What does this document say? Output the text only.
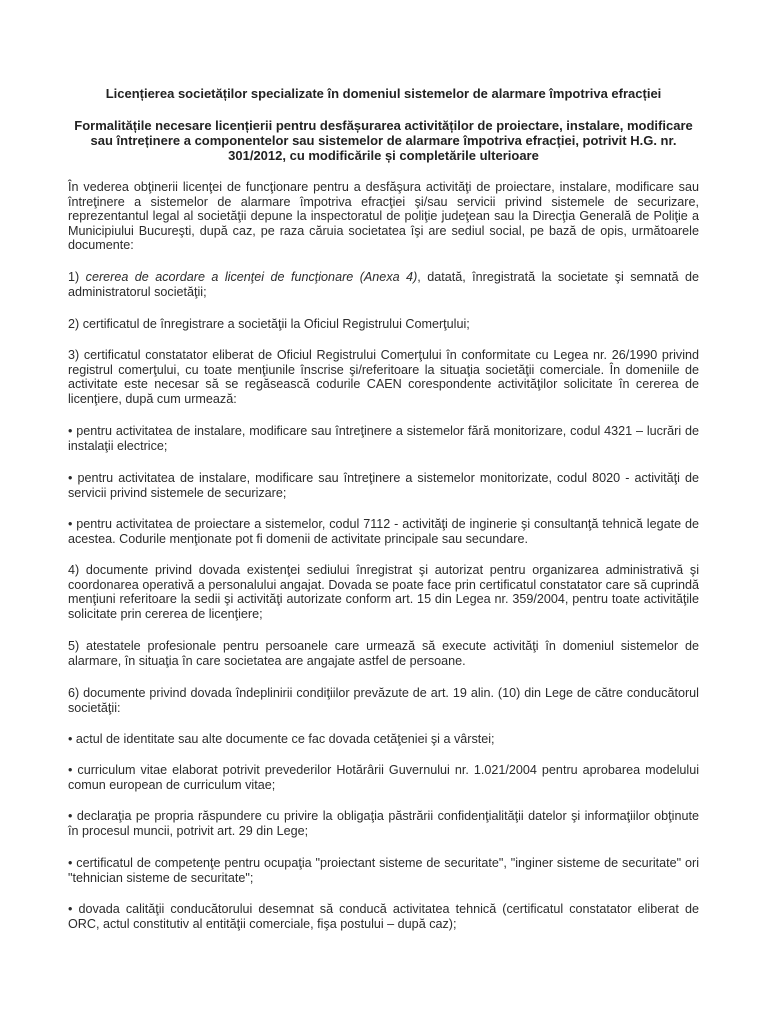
Licențierea societăților specializate în domeniul sistemelor de alarmare împotriva efracției
Formalitățile necesare licențierii pentru desfășurarea activităților de proiectare, instalare, modificare sau întreținere a componentelor sau sistemelor de alarmare împotriva efracției, potrivit H.G. nr. 301/2012, cu modificările și completările ulterioare

În vederea obţinerii licenţei de funcţionare pentru a desfăşura activităţi de proiectare, instalare, modificare sau întreţinere a sistemelor de alarmare împotriva efracţiei şi/sau servicii privind sistemele de securizare, reprezentantul legal al societăţii depune la inspectoratul de poliţie judeţean sau la Direcţia Generală de Poliţie a Municipiului Bucureşti, după caz, pe raza căruia societatea îşi are sediul social, pe bază de opis, următoarele documente:

1) cererea de acordare a licenţei de funcţionare (Anexa 4), datată, înregistrată la societate şi semnată de administratorul societăţii;

2) certificatul de înregistrare a societăţii la Oficiul Registrului Comerţului;

3) certificatul constatator eliberat de Oficiul Registrului Comerţului în conformitate cu Legea nr. 26/1990 privind registrul comerţului, cu toate menţiunile înscrise şi/referitoare la situaţia societăţii comerciale. În domeniile de activitate este necesar să se regăsească codurile CAEN corespondente activităţilor solicitate în cererea de licenţiere, după cum urmează:

• pentru activitatea de instalare, modificare sau întreţinere a sistemelor fără monitorizare, codul 4321 – lucrări de instalaţii electrice;

• pentru activitatea de instalare, modificare sau întreţinere a sistemelor monitorizate, codul 8020 - activităţi de servicii privind sistemele de securizare;

• pentru activitatea de proiectare a sistemelor, codul 7112 - activităţi de inginerie şi consultanţă tehnică legate de acestea. Codurile menţionate pot fi domenii de activitate principale sau secundare.

4) documente privind dovada existenţei sediului înregistrat şi autorizat pentru organizarea administrativă şi coordonarea operativă a personalului angajat. Dovada se poate face prin certificatul constatator care să cuprindă menţiuni referitoare la sedii şi activităţi autorizate conform art. 15 din Legea nr. 359/2004, pentru toate activităţile solicitate prin cererea de licenţiere;

5) atestatele profesionale pentru persoanele care urmează să execute activităţi în domeniul sistemelor de alarmare, în situaţia în care societatea are angajate astfel de persoane.

6) documente privind dovada îndeplinirii condiţiilor prevăzute de art. 19 alin. (10) din Lege de către conducătorul societăţii:

• actul de identitate sau alte documente ce fac dovada cetăţeniei şi a vârstei;

• curriculum vitae elaborat potrivit prevederilor Hotărârii Guvernului nr. 1.021/2004 pentru aprobarea modelului comun european de curriculum vitae;

• declaraţia pe propria răspundere cu privire la obligaţia păstrării confidenţialităţii datelor şi informaţiilor obţinute în procesul muncii, potrivit art. 29 din Lege;

• certificatul de competenţe pentru ocupaţia "proiectant sisteme de securitate", "inginer sisteme de securitate" ori "tehnician sisteme de securitate";

• dovada calităţii conducătorului desemnat să conducă activitatea tehnică (certificatul constatator eliberat de ORC, actul constitutiv al entităţii comerciale, fişa postului – după caz);
